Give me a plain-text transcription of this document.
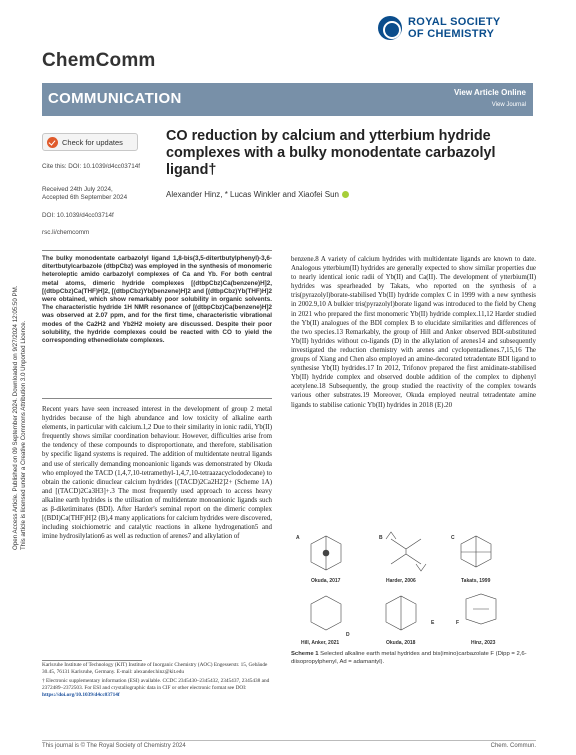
Open Access Article. Published on 09 September 2024. Downloaded on 9/27/2024 12:05:50 PM. This article is licensed under a Creative Commons Attribution 3.0 Unported Licence.
ROYAL SOCIETY
OF CHEMISTRY
ChemComm
COMMUNICATION	View Article Online
View Journal
Check for updates
Cite this: DOI: 10.1039/d4cc03714f
Received 24th July 2024,
Accepted 6th September 2024
DOI: 10.1039/d4cc03714f
rsc.li/chemcomm
CO reduction by calcium and ytterbium hydride complexes with a bulky monodentate carbazolyl ligand†
Alexander Hinz, * Lucas Winkler and Xiaofei Sun
The bulky monodentate carbazolyl ligand 1,8-bis(3,5-ditertbutylphenyl)-3,6-ditertbutylcarbazole (dtbpCbz) was employed in the synthesis of monomeric heteroleptic amido carbazolyl complexes of Ca and Yb. For both central metal atoms, dimeric hydride complexes [(dtbpCbz)Ca(benzene)H]2, [(dtbpCbz)Ca(THF)H]2, [(dtbpCbz)Yb(benzene)H]2 and [(dtbpCbz)Yb(THF)H]2 were obtained, which show remarkably poor solubility in organic solvents. The characteristic hydride 1H NMR resonance of [(dtbpCbz)Ca(benzene)H]2 was observed at 2.07 ppm, and for the first time, characteristic vibrational modes of the Ca2H2 and Yb2H2 moiety are discussed. Despite their poor solubility, the hydride complexes could be reacted with CO to yield the corresponding ethenediolate complexes.
Recent years have seen increased interest in the development of group 2 metal hydrides because of the high abundance and low toxicity of alkaline earth elements, in particular with calcium.1,2 Due to their similarity in ionic radii, Yb(II) frequently shows similar coordination behaviour. However, difficulties arise from the tendency of these compounds to disproportionate, and therefore, stabilisation by specific ligand systems is required. The addition of multidentate neutral ligands and use of sterically demanding monoanionic ligands was demonstrated by Okuda who employed the TACD (1,4,7,10-tetramethyl-1,4,7,10-tetraazacyclododecane) to obtain the cationic dinuclear calcium hydrides [(TACD)2Ca2H2]2+ (Scheme 1A) and [(TACD)2Ca3H3]+.3 The most frequently used approach to access heavy alkaline earth hydrides is the utilisation of multidentate monoanionic ligands such as β-diketiminates (BDI). After Harder's seminal report on the dimeric complex [(BDI)Ca(THF)H]2 (B),4 many applications for calcium hydrides were discovered, including stoichiometric and catalytic reactions in alkene hydrogenation5 and imine hydrosilylation6 as well as reduction of arenes7 and alkylation of
benzene.8 A variety of calcium hydrides with multidentate ligands are known to date. Analogous ytterbium(II) hydrides are generally expected to show similar properties due to nearly identical ionic radii of Yb(II) and Ca(II). The development of ytterbium(II) hydrides was spearheaded by Takats, who reported on the synthesis of a tris(pyrazolyl)borate-stabilised Yb(II) hydride complex C in 1999 with a new synthesis in 2002.9,10 A bulkier tris(pyrazolyl)borate ligand was introduced to the field by Cheng in 2021 who prepared the first monomeric Yb(II) hydride complex.11,12 Harder studied the Yb(II) analogues of the BDI complex B to elucidate similarities and differences of the two species.13 Remarkably, the group of Hill and Anker observed BDI-substituted Yb(II) hydrides without co-ligands (D) in the alkylation of arenes14 and subsequently investigated the reduction chemistry with arenes and cyclopentadienes.7,15,16 The groups of Xiang and Chen also employed an amine-decorated tetradentate BDI ligand to synthesise Yb(II) hydrides.17 In 2012, Trifonov prepared the first amidinate-stabilised Yb(II) hydride complex and observed double addition of the complex to diphenyl acetylene.18 Subsequently, the group studied the reactivity of the complex towards various other substrates.19 Moreover, Okuda employed neutral tetradentate amine ligands to stabilise cationic Yb(II) hydrides in 2018 (E).20
Okuda, 2017	Harder, 2006	Takats, 1999
Hill, Anker, 2021	Okuda, 2018	Hinz, 2023
A	B	C
D
E	F
Scheme 1 Selected alkaline earth metal hydrides and bis(imino)carbazolate F (Dipp = 2,6-diisopropylphenyl, Ad = adamantyl).
Karlsruhe Institute of Technology (KIT) Institute of Inorganic Chemistry (AOC) Engesserstr. 15, Gebäude 30.45, 76131 Karlsruhe, Germany. E-mail: alexander.hinz@kit.edu
† Electronic supplementary information (ESI) available. CCDC 2345430–2345432, 2345437, 2345438 and 2372489–2372503. For ESI and crystallographic data in CIF or other electronic format see DOI: https://doi.org/10.1039/d4cc03714f
This journal is © The Royal Society of Chemistry 2024	Chem. Commun.
